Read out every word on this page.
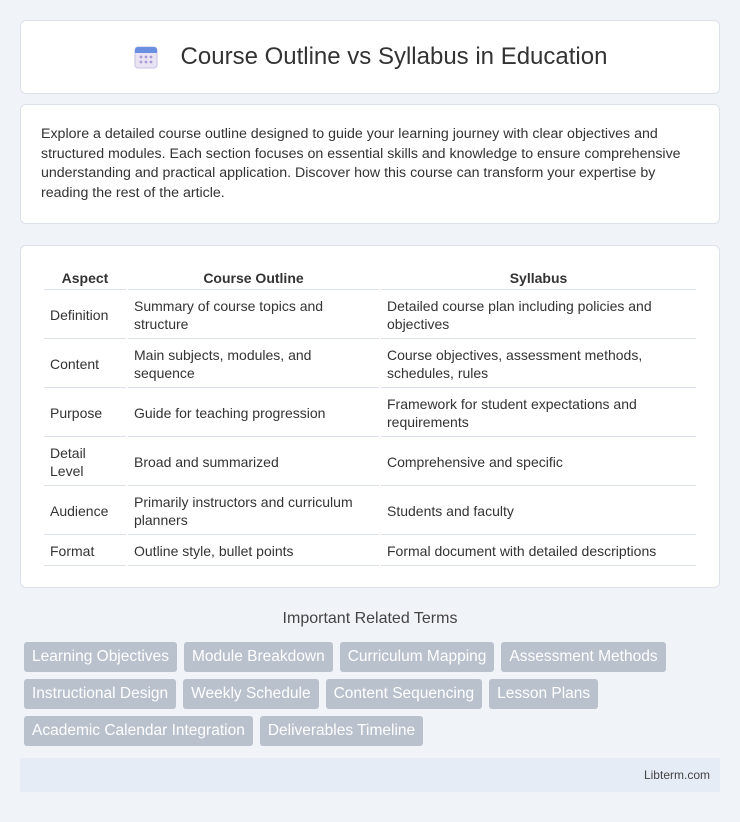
Course Outline vs Syllabus in Education

Explore a detailed course outline designed to guide your learning journey with clear objectives and structured modules. Each section focuses on essential skills and knowledge to ensure comprehensive understanding and practical application. Discover how this course can transform your expertise by reading the rest of the article.

Aspect	Course Outline	Syllabus
Definition	Summary of course topics and structure	Detailed course plan including policies and objectives
Content	Main subjects, modules, and sequence	Course objectives, assessment methods, schedules, rules
Purpose	Guide for teaching progression	Framework for student expectations and requirements
Detail Level	Broad and summarized	Comprehensive and specific
Audience	Primarily instructors and curriculum planners	Students and faculty
Format	Outline style, bullet points	Formal document with detailed descriptions
Important Related Terms
Learning Objectives	Module Breakdown	Curriculum Mapping	Assessment Methods
Instructional Design	Weekly Schedule	Content Sequencing	Lesson Plans
Academic Calendar Integration	Deliverables Timeline
Libterm.com
